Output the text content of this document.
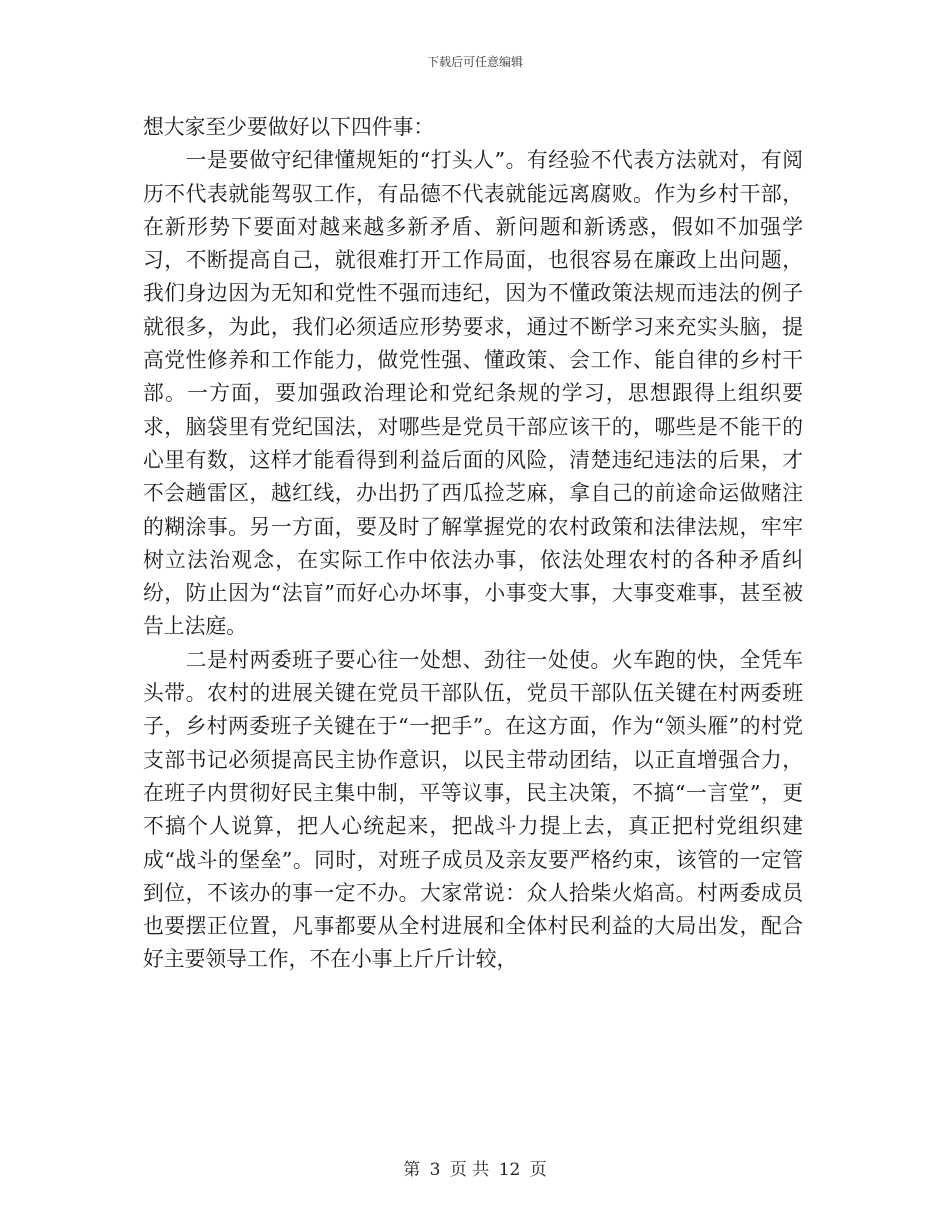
下载后可任意编辑

想大家至少要做好以下四件事：

一是要做守纪律懂规矩的“打头人”。有经验不代表方法就对，有阅历不代表就能驾驭工作，有品德不代表就能远离腐败。作为乡村干部，在新形势下要面对越来越多新矛盾、新问题和新诱惑，假如不加强学习，不断提高自己，就很难打开工作局面，也很容易在廉政上出问题，我们身边因为无知和党性不强而违纪，因为不懂政策法规而违法的例子就很多，为此，我们必须适应形势要求，通过不断学习来充实头脑，提高党性修养和工作能力，做党性强、懂政策、会工作、能自律的乡村干部。一方面，要加强政治理论和党纪条规的学习，思想跟得上组织要求，脑袋里有党纪国法，对哪些是党员干部应该干的，哪些是不能干的心里有数，这样才能看得到利益后面的风险，清楚违纪违法的后果，才不会趟雷区，越红线，办出扔了西瓜捡芝麻，拿自己的前途命运做赌注的糊涂事。另一方面，要及时了解掌握党的农村政策和法律法规，牢牢树立法治观念，在实际工作中依法办事，依法处理农村的各种矛盾纠纷，防止因为“法盲”而好心办坏事，小事变大事，大事变难事，甚至被告上法庭。

二是村两委班子要心往一处想、劲往一处使。火车跑的快，全凭车头带。农村的进展关键在党员干部队伍，党员干部队伍关键在村两委班子，乡村两委班子关键在于“一把手”。在这方面，作为“领头雁”的村党支部书记必须提高民主协作意识，以民主带动团结，以正直增强合力，在班子内贯彻好民主集中制，平等议事，民主决策，不搞“一言堂”，更不搞个人说算，把人心统起来，把战斗力提上去，真正把村党组织建成“战斗的堡垒”。同时，对班子成员及亲友要严格约束，该管的一定管到位，不该办的事一定不办。大家常说：众人拾柴火焰高。村两委成员也要摆正位置，凡事都要从全村进展和全体村民利益的大局出发，配合好主要领导工作，不在小事上斤斤计较，

第 3 页 共 12 页
